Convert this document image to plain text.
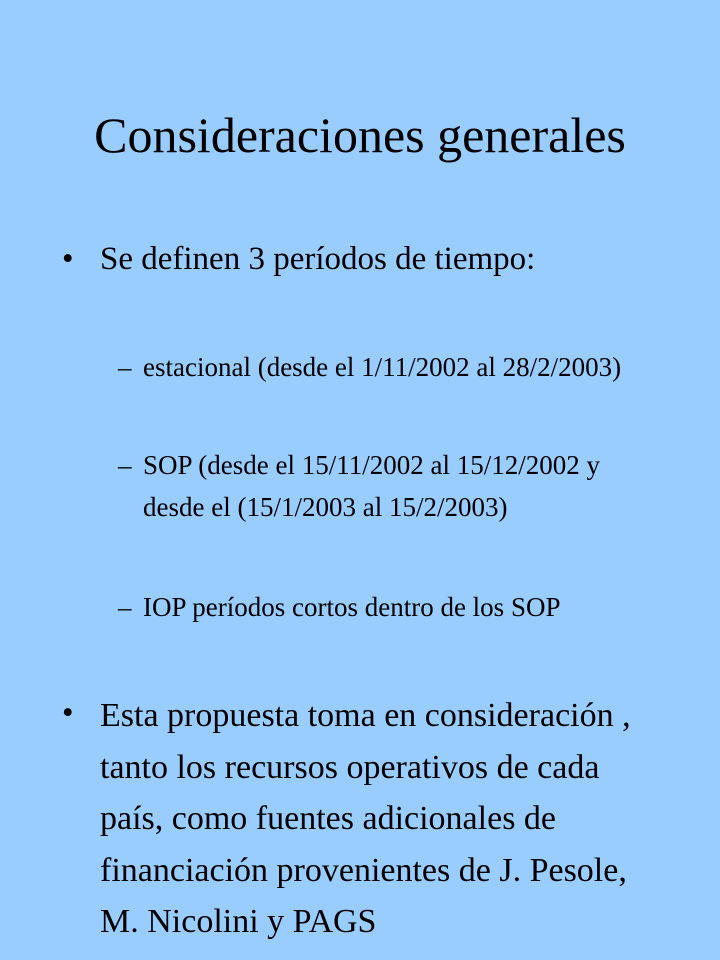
Consideraciones generales
• Se definen 3 períodos de tiempo:
– estacional (desde el 1/11/2002 al 28/2/2003)
– SOP (desde el 15/11/2002 al 15/12/2002 y desde el (15/1/2003 al 15/2/2003)
– IOP períodos cortos dentro de los SOP
• Esta propuesta toma en consideración , tanto los recursos operativos de cada país, como fuentes adicionales de financiación provenientes de J. Pesole, M. Nicolini y PAGS
